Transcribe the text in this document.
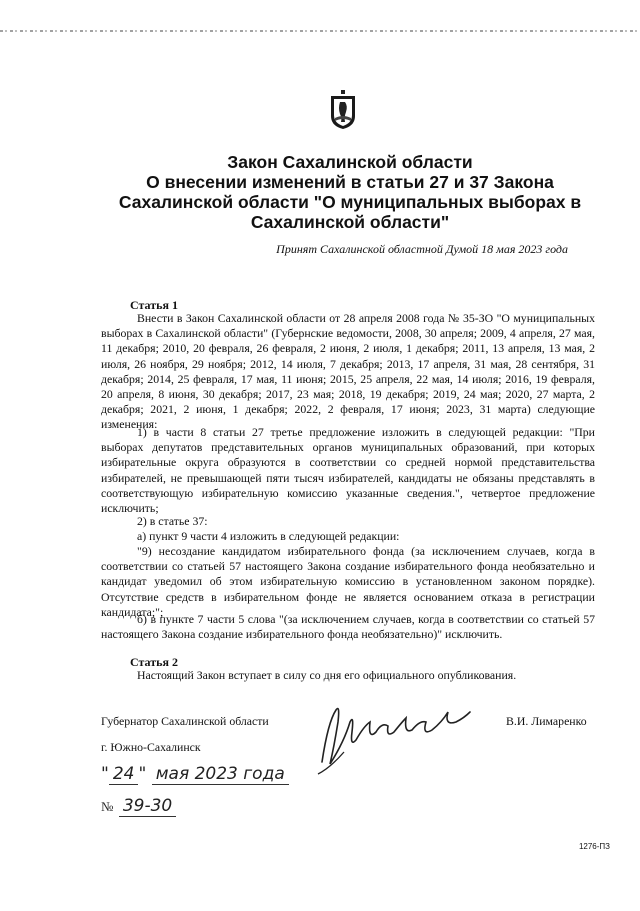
Закон Сахалинской области
О внесении изменений в статьи 27 и 37 Закона
Сахалинской области "О муниципальных выборах в
Сахалинской области"
Принят Сахалинской областной Думой 18 мая 2023 года
Статья 1

Внести в Закон Сахалинской области от 28 апреля 2008 года № 35-ЗО "О муниципальных выборах в Сахалинской области" (Губернские ведомости, 2008, 30 апреля; 2009, 4 апреля, 27 мая, 11 декабря; 2010, 20 февраля, 26 февраля, 2 июня, 2 июля, 1 декабря; 2011, 13 апреля, 13 мая, 2 июля, 26 ноября, 29 ноября; 2012, 14 июля, 7 декабря; 2013, 17 апреля, 31 мая, 28 сентября, 31 декабря; 2014, 25 февраля, 17 мая, 11 июня; 2015, 25 апреля, 22 мая, 14 июля; 2016, 19 февраля, 20 апреля, 8 июня, 30 декабря; 2017, 23 мая; 2018, 19 декабря; 2019, 24 мая; 2020, 27 марта, 2 декабря; 2021, 2 июня, 1 декабря; 2022, 2 февраля, 17 июня; 2023, 31 марта) следующие изменения:

1) в части 8 статьи 27 третье предложение изложить в следующей редакции: "При выборах депутатов представительных органов муниципальных образований, при которых избирательные округа образуются в соответствии со средней нормой представительства избирателей, не превышающей пяти тысяч избирателей, кандидаты не обязаны представлять в соответствующую избирательную комиссию указанные сведения.", четвертое предложение исключить;

2) в статье 37:
а) пункт 9 части 4 изложить в следующей редакции:

"9) несоздание кандидатом избирательного фонда (за исключением случаев, когда в соответствии со статьей 57 настоящего Закона создание избирательного фонда необязательно и кандидат уведомил об этом избирательную комиссию в установленном законом порядке). Отсутствие средств в избирательном фонде не является основанием отказа в регистрации кандидата;";

б) в пункте 7 части 5 слова "(за исключением случаев, когда в соответствии со статьей 57 настоящего Закона создание избирательного фонда необязательно)" исключить.

Статья 2

Настоящий Закон вступает в силу со дня его официального опубликования.

Губернатор Сахалинской области	В.И. Лимаренко
г. Южно-Сахалинск
" 24 " мая 2023 года
№ 39-30
1276-ПЗ
